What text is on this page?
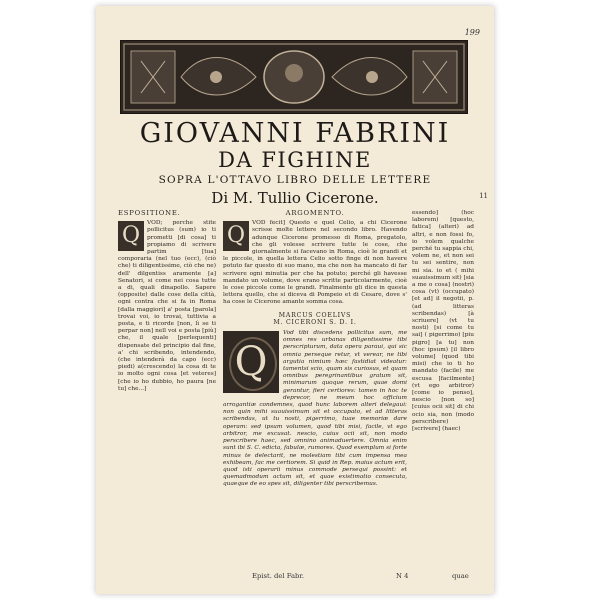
199
GIOVANNI FABRINI
DA FIGHINE
SOPRA L'OTTAVO LIBRO DELLE LETTERE
Di M. Tullio Cicerone.	11
ESPOSITIONE.
Q	VOD; perche stite pollicitus (sum) io ti prometti [di cosa] ti propiamo di scrivere partim [tua] comporaria (nel tuo (ecc), (ciò che) ti diligentissime, ciò che ne) dell' dilgentiss aramente [a] Senatori, si come nei cosa tutte a di, quali dinapollo. Sapere (opposite) dalle cose della città, ogni contra che si fa in Roma [dalla maggiori] a' posta [parola] trovai voi, io trovai, tuttivia a posta, e ti ricorde [non, lì se ti perpar non] nell voi e posta [più] che, il quale [perlequenti] dispensate del principio dal fine, a' chi scribendo, intendendo, (che intenderà da capo (ecc) piedi) a(crescendo) la cosa di te io molto ogni cosa [et veteres] [che io ho dubbio, ho paura [ne tu] che...]

ARGOMENTO.
Q	VOD fecit] Questo e quel Celio, a chi Cicerone scrisse molte lettere nel secondo libro. Havendo adunque Cicerone promesso di Roma, pregatolo, che gli volesse scrivere tutte le cose, che giornalmente si facevano in Roma, cioè le grandi et le piccole, in quella lettera Celio sotto finge di non havere potuto far questo di suo mano, ma che non ha mancato di far scrivere ogni minutia per che ha potuto; perché gli havesse mandato un volume, dove erano scritte particolarmente, cioè le cose piccole come le grandi. Finalmente gli dice in questa lettera quello, che si diceva di Pompeio et di Cesare, dove s' ha cose le Cicerone amante somma cosa.

MARCUS COELIVS
M. CICERONI S. D. I.
Q

Vod tibi discedens pollicitus sum, me omnes res urbanas diligentissime tibi perscripturum, data opera paraui, qui sic omnia perseque retur, vt verear, ne tibi argutia nimium hæc fastidiat videatur: tamentsi scio, quam sis curiosus, et quam omnibus peregrinantibus gratum sit, minimarum quoque rerum, quae domi gerantur, fieri certiores: tamen in hoc te deprecor, ne meum hoc officium arrogantiæ condemnes, quod hunc laborem alteri delegaui: non quin mihi suauissimum sit et occupato, et ad litteras scribendas, ut tu nosti, pigerrimo, tuae memoriæ dare operam: sed ipsum volumen, quod tibi misi, facile, vt ego arbitror, me excusat. nescio, cuius ocii sit, non modo perscribere haec, sed omnino animaduertere. Omnia enim sunt ibi S. C. edicta, fabulæ, rumores. Quod exemplum si forte minus te delectarit, ne molestiam tibi cum impensa mea exhibeam, fac me certiorem. Si quid in Rep. maius actum erit, quod isti operarii minus commode persequi possint: et quemadmodum actum sit, et quae existimatio consecuta, quaeque de eo spes sit, diligenter tibi perscribemus.

essendo] (hoc laborem) [questo, fatica] (alteri) ad altri, e non fossi fo, io volem qualche perché tu sappia chi, volem ne, et non sei tu sei sentire, non mi sia. io et ( mihi suauissimum sit) [sia a me o cosa] (nostri) cosa (vt) (occupato) [et ad] il negotii, p. (ad litteras scribendas) [à scriuere] (vt tu nosti) [si come tu sai] ( pigerrimo) [piu pigro] [a tu] non (hoc ipsum) [il libro volume] (quod tibi misi) che io ti ho mandato (facile) me escusa [facilmente] (vt ego arbitror) [come io penso], nescio [non so] [cuius ocii sit] di chi ocio sia, non (modo perscribere) [scrivere] (haec)

Epist. del Fabr.	N 4	quae
